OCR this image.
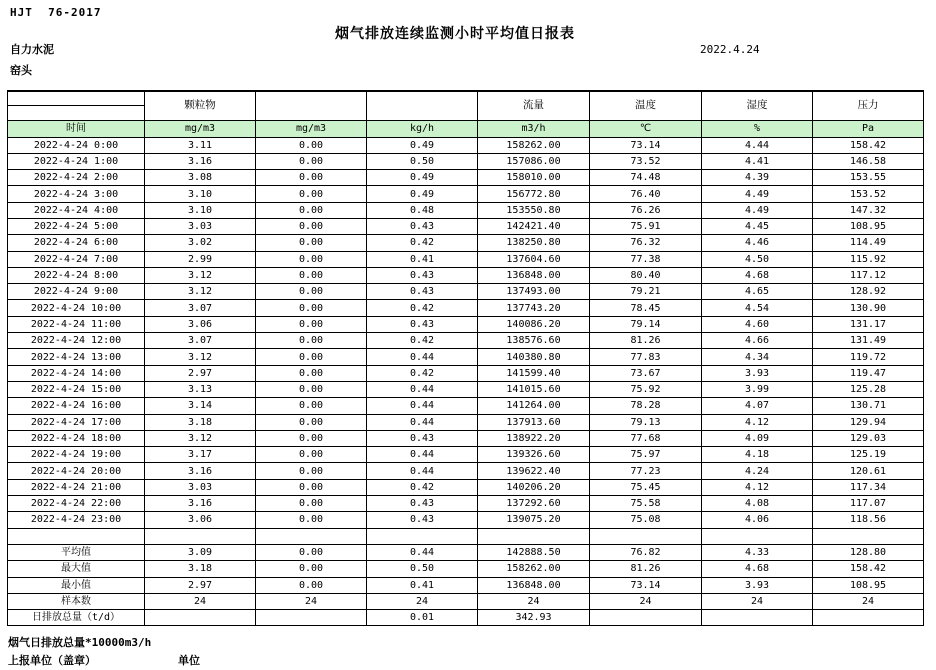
HJT  76-2017
烟气排放连续监测小时平均值日报表
自力水泥	2022.4.24
窑头
	颗粒物			流量	温度	湿度	压力
时间	mg/m3	mg/m3	kg/h	m3/h	℃	%	Pa
2022-4-24 0:00	3.11	0.00	0.49	158262.00	73.14	4.44	158.42
2022-4-24 1:00	3.16	0.00	0.50	157086.00	73.52	4.41	146.58
2022-4-24 2:00	3.08	0.00	0.49	158010.00	74.48	4.39	153.55
2022-4-24 3:00	3.10	0.00	0.49	156772.80	76.40	4.49	153.52
2022-4-24 4:00	3.10	0.00	0.48	153550.80	76.26	4.49	147.32
2022-4-24 5:00	3.03	0.00	0.43	142421.40	75.91	4.45	108.95
2022-4-24 6:00	3.02	0.00	0.42	138250.80	76.32	4.46	114.49
2022-4-24 7:00	2.99	0.00	0.41	137604.60	77.38	4.50	115.92
2022-4-24 8:00	3.12	0.00	0.43	136848.00	80.40	4.68	117.12
2022-4-24 9:00	3.12	0.00	0.43	137493.00	79.21	4.65	128.92
2022-4-24 10:00	3.07	0.00	0.42	137743.20	78.45	4.54	130.90
2022-4-24 11:00	3.06	0.00	0.43	140086.20	79.14	4.60	131.17
2022-4-24 12:00	3.07	0.00	0.42	138576.60	81.26	4.66	131.49
2022-4-24 13:00	3.12	0.00	0.44	140380.80	77.83	4.34	119.72
2022-4-24 14:00	2.97	0.00	0.42	141599.40	73.67	3.93	119.47
2022-4-24 15:00	3.13	0.00	0.44	141015.60	75.92	3.99	125.28
2022-4-24 16:00	3.14	0.00	0.44	141264.00	78.28	4.07	130.71
2022-4-24 17:00	3.18	0.00	0.44	137913.60	79.13	4.12	129.94
2022-4-24 18:00	3.12	0.00	0.43	138922.20	77.68	4.09	129.03
2022-4-24 19:00	3.17	0.00	0.44	139326.60	75.97	4.18	125.19
2022-4-24 20:00	3.16	0.00	0.44	139622.40	77.23	4.24	120.61
2022-4-24 21:00	3.03	0.00	0.42	140206.20	75.45	4.12	117.34
2022-4-24 22:00	3.16	0.00	0.43	137292.60	75.58	4.08	117.07
2022-4-24 23:00	3.06	0.00	0.43	139075.20	75.08	4.06	118.56

平均值	3.09	0.00	0.44	142888.50	76.82	4.33	128.80
最大值	3.18	0.00	0.50	158262.00	81.26	4.68	158.42
最小值	2.97	0.00	0.41	136848.00	73.14	3.93	108.95
样本数	24	24	24	24	24	24	24
日排放总量（t/d）			0.01	342.93			
烟气日排放总量*10000m3/h
上报单位（盖章）	单位
